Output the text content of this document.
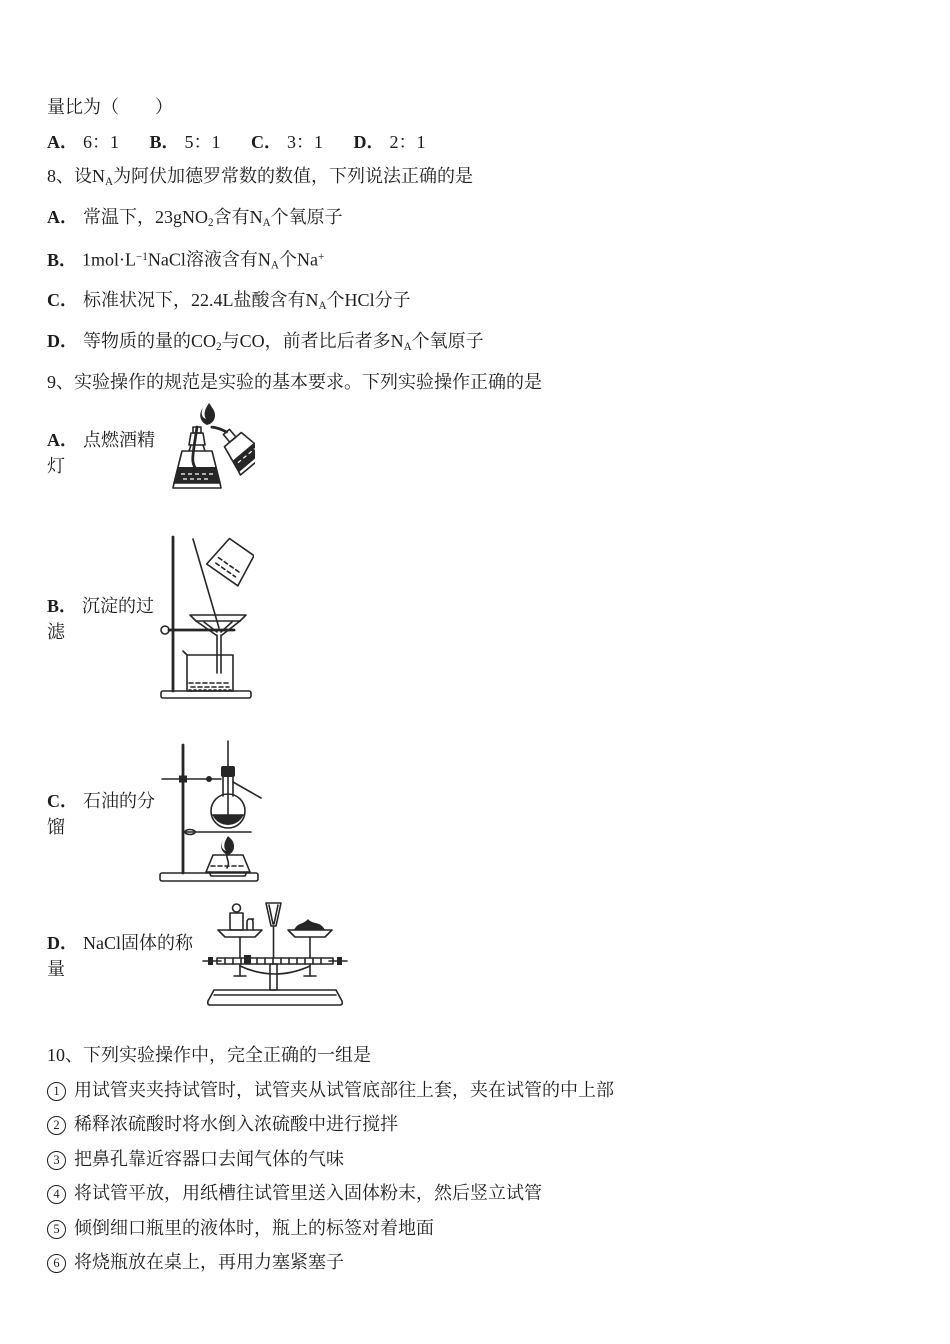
量比为（　　）
A． 6：1 B． 5：1 C． 3：1 D． 2：1
8、设$N_A$为阿伏加德罗常数的数值，下列说法正确的是
A． 常温下，23gNO$_2$含有$N_A$个氧原子
B． $1mol\cdot L^{-1}NaCl$溶液含有$N_A$个Na+
C． 标准状况下，22.4L盐酸含有$N_A$个HCl分子
D． 等物质的量的$CO_2$与CO，前者比后者多$N_A$个氧原子
9、实验操作的规范是实验的基本要求。下列实验操作正确的是
A． 点燃酒精灯
B． 沉淀的过滤
C． 石油的分馏
D． NaCl固体的称量
10、下列实验操作中，完全正确的一组是
1 用试管夹夹持试管时，试管夹从试管底部往上套，夹在试管的中上部
2 稀释浓硫酸时将水倒入浓硫酸中进行搅拌
3 把鼻孔靠近容器口去闻气体的气味
4 将试管平放，用纸槽往试管里送入固体粉末，然后竖立试管
5 倾倒细口瓶里的液体时，瓶上的标签对着地面
6 将烧瓶放在桌上，再用力塞紧塞子
